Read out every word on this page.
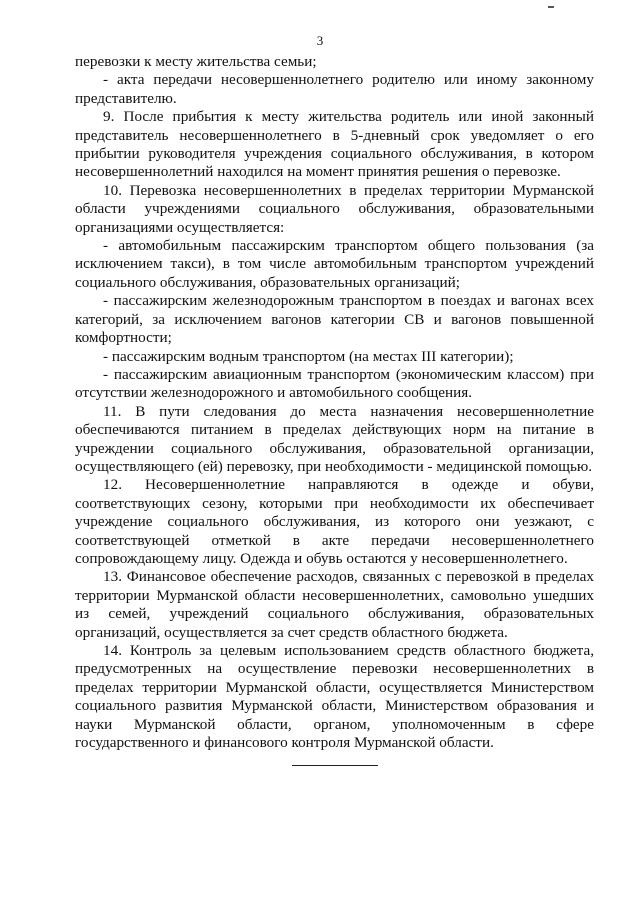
3

перевозки к месту жительства семьи;

- акта передачи несовершеннолетнего родителю или иному законному представителю.

9. После прибытия к месту жительства родитель или иной законный представитель несовершеннолетнего в 5-дневный срок уведомляет о его прибытии руководителя учреждения социального обслуживания, в котором несовершеннолетний находился на момент принятия решения о перевозке.

10. Перевозка несовершеннолетних в пределах территории Мурманской области учреждениями социального обслуживания, образовательными организациями осуществляется:

- автомобильным пассажирским транспортом общего пользования (за исключением такси), в том числе автомобильным транспортом учреждений социального обслуживания, образовательных организаций;

- пассажирским железнодорожным транспортом в поездах и вагонах всех категорий, за исключением вагонов категории СВ и вагонов повышенной комфортности;

- пассажирским водным транспортом (на местах III категории);

- пассажирским авиационным транспортом (экономическим классом) при отсутствии железнодорожного и автомобильного сообщения.

11. В пути следования до места назначения несовершеннолетние обеспечиваются питанием в пределах действующих норм на питание в учреждении социального обслуживания, образовательной организации, осуществляющего (ей) перевозку, при необходимости - медицинской помощью.

12. Несовершеннолетние направляются в одежде и обуви, соответствующих сезону, которыми при необходимости их обеспечивает учреждение социального обслуживания, из которого они уезжают, с соответствующей отметкой в акте передачи несовершеннолетнего сопровождающему лицу. Одежда и обувь остаются у несовершеннолетнего.

13. Финансовое обеспечение расходов, связанных с перевозкой в пределах территории Мурманской области несовершеннолетних, самовольно ушедших из семей, учреждений социального обслуживания, образовательных организаций, осуществляется за счет средств областного бюджета.

14. Контроль за целевым использованием средств областного бюджета, предусмотренных на осуществление перевозки несовершеннолетних в пределах территории Мурманской области, осуществляется Министерством социального развития Мурманской области, Министерством образования и науки Мурманской области, органом, уполномоченным в сфере государственного и финансового контроля Мурманской области.
